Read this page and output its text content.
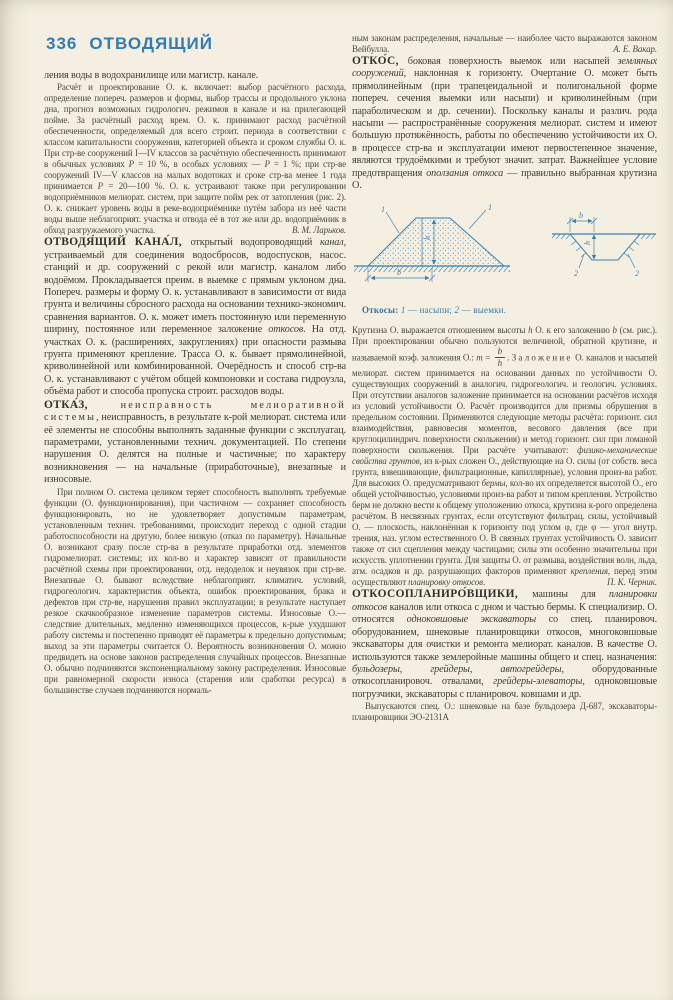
336 ОТВОДЯЩИЙ

ления воды в водохранилище или магистр. канале.

Расчёт и проектирование О. к. включает: выбор расчётного расхода, определение попереч. размеров и формы, выбор трассы и продольного уклона дна, прогноз возможных гидрологич. режимов в канале и на прилегающей пойме. За расчётный расход врем. О. к. принимают расход расчётной обеспеченности, определяемый для всего строит. периода в соответствии с классом капитальности сооружения, категорией объекта и сроком службы О. к. При стр-ве сооружений I—IV классов за расчётную обеспеченность принимают в обычных условиях P = 10 %, в особых условиях — P = 1 %; при стр-ве сооружений IV—V классов на малых водотоках и сроке стр-ва менее 1 года принимается P = 20—100 %. О. к. устраивают также при регулировании водоприёмников мелиорат. систем, при защите пойм рек от затопления (рис. 2). О. к. снижает уровень воды в реке-водоприёмнике путём забора из неё части воды выше неблагоприят. участка и отвода её в тот же или др. водоприёмник в обход разгружаемого участка.	В. М. Ларьков.

ОТВОДЯ́ЩИЙ КАНА́Л, открытый водопроводящий канал, устраиваемый для соединения водосбросов, водоспусков, насос. станций и др. сооружений с рекой или магистр. каналом либо водоёмом. Прокладывается преим. в выемке с прямым уклоном дна. Попереч. размеры и форму О. к. устанавливают в зависимости от вида грунта и величины сбросного расхода на основании технико-экономич. сравнения вариантов. О. к. может иметь постоянную или переменную ширину, постоянное или переменное заложение откосов. На отд. участках О. к. (расширениях, закруглениях) при опасности размыва грунта применяют крепление. Трасса О. к. бывает прямолинейной, криволинейной или комбинированной. Очерёдность и способ стр-ва О. к. устанавливают с учётом общей компоновки и состава гидроузла, объёма работ и способа пропуска строит. расходов воды.

ОТКА́З, неисправность мелиоративной системы, неисправность, в результате к-рой мелиорат. система или её элементы не способны выполнять заданные функции с эксплуатац. параметрами, установленными технич. документацией. По степени нарушения О. делятся на полные и частичные; по характеру возникновения — на начальные (приработочные), внезапные и износовые.

При полном О. система целиком теряет способность выполнять требуемые функции (О. функционирования), при частичном — сохраняет способность функционировать, но не удовлетворяет допустимым параметрам, установленным технич. требованиями, происходит переход с одной стадии работоспособности на другую, более низкую (отказ по параметру). Начальные О. возникают сразу после стр-ва в результате приработки отд. элементов гидромелиорат. системы; их кол-во и характер зависят от правильности расчётной схемы при проектировании, отд. недоделок и неувязок при стр-ве. Внезапные О. бывают вследствие неблагоприят. климатич. условий, гидрогеологич. характеристик объекта, ошибок проектирования, брака и дефектов при стр-ве, нарушения правил эксплуатации; в результате наступает резкое скачкообразное изменение параметров системы. Износовые О.— следствие длительных, медленно изменяющихся процессов, к-рые ухудшают работу системы и постепенно приводят её параметры к предельно допустимым; выход за эти параметры считается О. Вероятность возникновения О. можно предвидеть на основе законов распределения случайных процессов. Внезапные О. обычно подчиняются экспоненциальному закону распределения. Износовые при равномерной скорости износа (старения или сработки ресурса) в большинстве случаев подчиняются нормаль-

ным законам распределения, начальные — наиболее часто выражаются законом Вейбулла.	А. Е. Вакар.

ОТКО́С, боковая поверхность выемок или насыпей земляных сооружений, наклонная к горизонту. Очертание О. может быть прямолинейным (при трапецеидальной и полигональной форме попереч. сечения выемки или насыпи) и криволинейным (при параболическом и др. сечении). Поскольку каналы и различ. рода насыпи — распространённые сооружения мелиорат. систем и имеют большую протяжённость, работы по обеспечению устойчивости их О. в процессе стр-ва и эксплуатации имеют первостепенное значение, являются трудоёмкими и требуют значит. затрат. Важнейшее условие предотвращения оползания откоса — правильно выбранная крутизна О.

1	1
h
b
b
h
2	2

Откосы: 1 — насыпи; 2 — выемки.

Крутизна О. выражается отношением высоты h О. к его заложению b (см. рис.). При проектировании обычно пользуются величиной, обратной крутизне, и называемой коэф. заложения О.: $m = \frac{b}{h}$ . Заложение О. каналов и насыпей мелиорат. систем принимается на основании данных по устойчивости О. существующих сооружений в аналогич. гидрогеологич. и геологич. условиях. При отсутствии аналогов заложение принимается на основании расчётов исходя из условий устойчивости О. Расчёт производится для призмы обрушения в предельном состоянии. Применяются следующие методы расчёта: горизонт. сил взаимодействия, равновесия моментов, весового давления (все при круглоцилиндрич. поверхности скольжения) и метод горизонт. сил при ломаной поверхности скольжения. При расчёте учитывают: физико-механические свойства грунтов, из к-рых сложен О., действующие на О. силы (от собств. веса грунта, взвешивающие, фильтрационные, капиллярные), условия произ-ва работ. Для высоких О. предусматривают бермы, кол-во их определяется высотой О., его общей устойчивостью, условиями произ-ва работ и типом крепления. Устройство берм не должно вести к общему уположению откоса, крутизна к-рого определена расчётом. В несвязных грунтах, если отсутствуют фильтрац. силы, устойчивый О. — плоскость, наклонённая к горизонту под углом φ, где φ — угол внутр. трения, наз. углом естественного О. В связных грунтах устойчивость О. зависит также от сил сцепления между частицами; силы эти особенно значительны при искусств. уплотнении грунта. Для защиты О. от размыва, воздействия волн, льда, атм. осадков и др. разрушающих факторов применяют крепления, перед этим осуществляют планировку откосов.	П. К. Черник.

ОТКОСОПЛАНИРО́ВЩИКИ, машины для планировки откосов каналов или откоса с дном и частью бермы. К специализир. О. относятся одноковшовые экскаваторы со спец. планировоч. оборудованием, шнековые планировщики откосов, многоковшовые экскаваторы для очистки и ремонта мелиорат. каналов. В качестве О. используются также землеройные машины общего и спец. назначения: бульдозеры, грейдеры, автогрейдеры, оборудованные откосопланировоч. отвалами, грейдеры-элеваторы, одноковшовые погрузчики, экскаваторы с планировоч. ковшами и др.

Выпускаются спец. О.: шнековые на базе бульдозера Д-687, экскаваторы-планировщики ЭО-2131А
